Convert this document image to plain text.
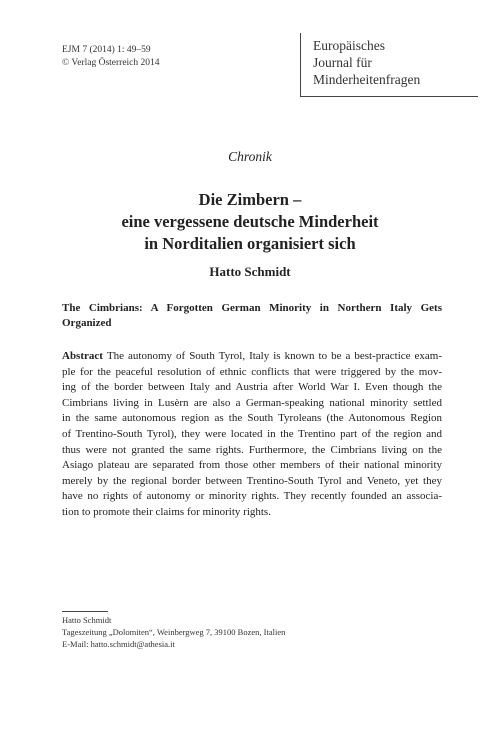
EJM 7 (2014) 1: 49–59
© Verlag Österreich 2014
Europäisches
Journal für
Minderheitenfragen
Chronik
Die Zimbern –
eine vergessene deutsche Minderheit
in Norditalien organisiert sich
Hatto Schmidt
The Cimbrians: A Forgotten German Minority in Northern Italy Gets Organized
Abstract The autonomy of South Tyrol, Italy is known to be a best-practice exam-
ple for the peaceful resolution of ethnic conflicts that were triggered by the mov-
ing of the border between Italy and Austria after World War I. Even though the
Cimbrians living in Lusèrn are also a German-speaking national minority settled
in the same autonomous region as the South Tyroleans (the Autonomous Region
of Trentino-South Tyrol), they were located in the Trentino part of the region and
thus were not granted the same rights. Furthermore, the Cimbrians living on the
Asiago plateau are separated from those other members of their national minority
merely by the regional border between Trentino-South Tyrol and Veneto, yet they
have no rights of autonomy or minority rights. They recently founded an associa-
tion to promote their claims for minority rights.
Hatto Schmidt
Tageszeitung „Dolomiten“, Weinbergweg 7, 39100 Bozen, Italien
E-Mail: hatto.schmidt@athesia.it
